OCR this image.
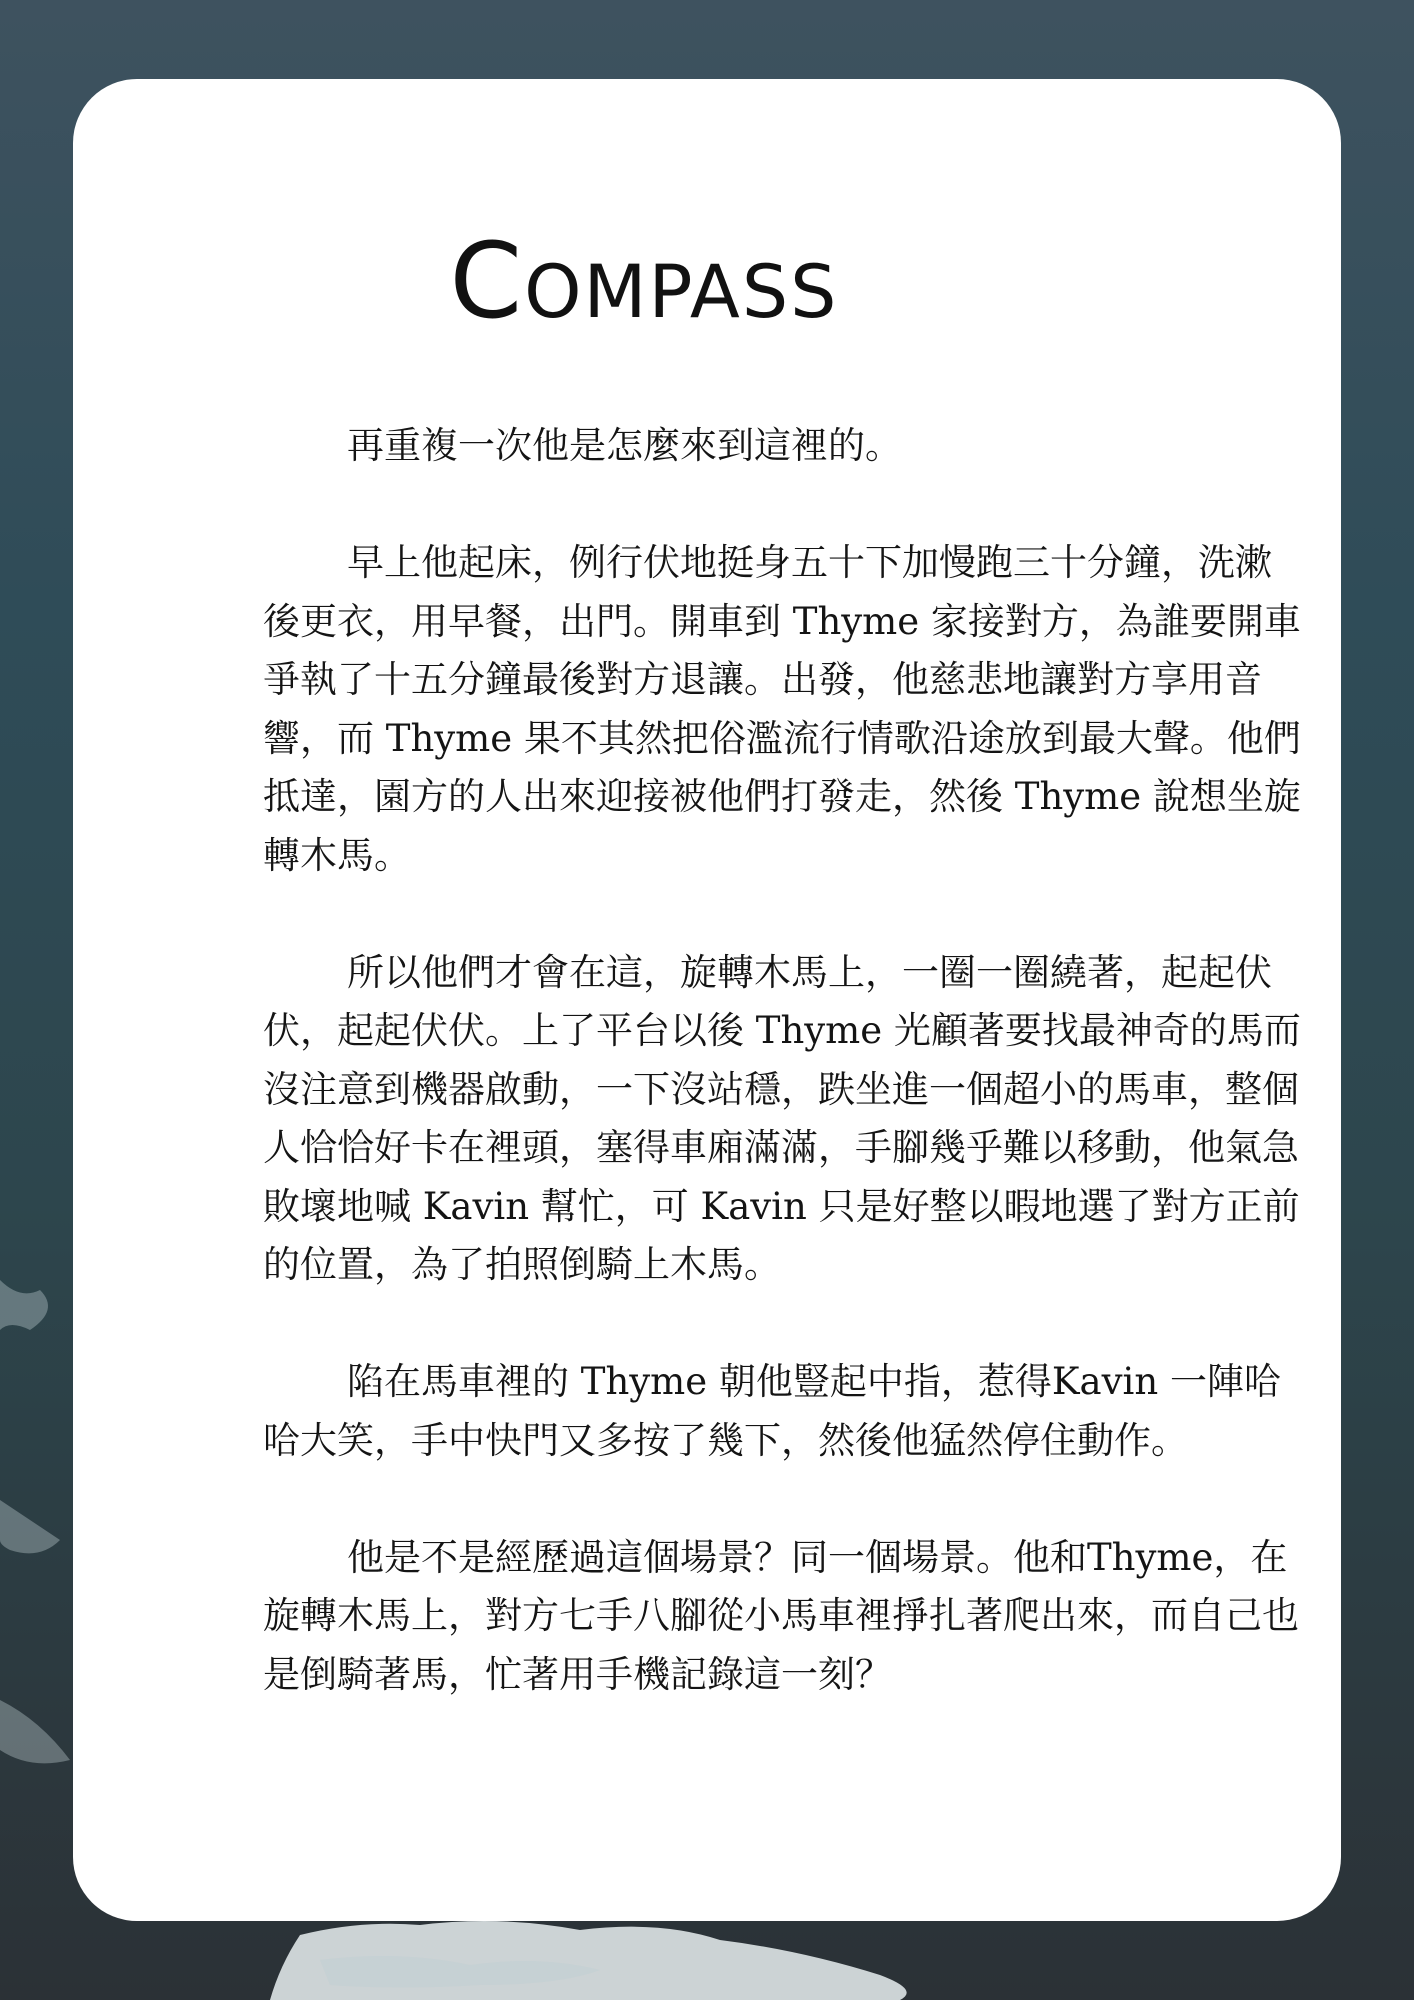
Compass

再重複一次他是怎麼來到這裡的。

早上他起床，例行伏地挺身五十下加慢跑三十分鐘，洗漱後更衣，用早餐，出門。開車到 Thyme 家接對方，為誰要開車爭執了十五分鐘最後對方退讓。出發，他慈悲地讓對方享用音響，而 Thyme 果不其然把俗濫流行情歌沿途放到最大聲。他們抵達，園方的人出來迎接被他們打發走，然後 Thyme 說想坐旋轉木馬。

所以他們才會在這，旋轉木馬上，一圈一圈繞著，起起伏伏，起起伏伏。上了平台以後 Thyme 光顧著要找最神奇的馬而沒注意到機器啟動，一下沒站穩，跌坐進一個超小的馬車，整個人恰恰好卡在裡頭，塞得車廂滿滿，手腳幾乎難以移動，他氣急敗壞地喊 Kavin 幫忙，可 Kavin 只是好整以暇地選了對方正前的位置，為了拍照倒騎上木馬。

陷在馬車裡的 Thyme 朝他豎起中指，惹得Kavin 一陣哈哈大笑，手中快門又多按了幾下，然後他猛然停住動作。

他是不是經歷過這個場景？同一個場景。他和Thyme，在旋轉木馬上，對方七手八腳從小馬車裡掙扎著爬出來，而自己也是倒騎著馬，忙著用手機記錄這一刻？
